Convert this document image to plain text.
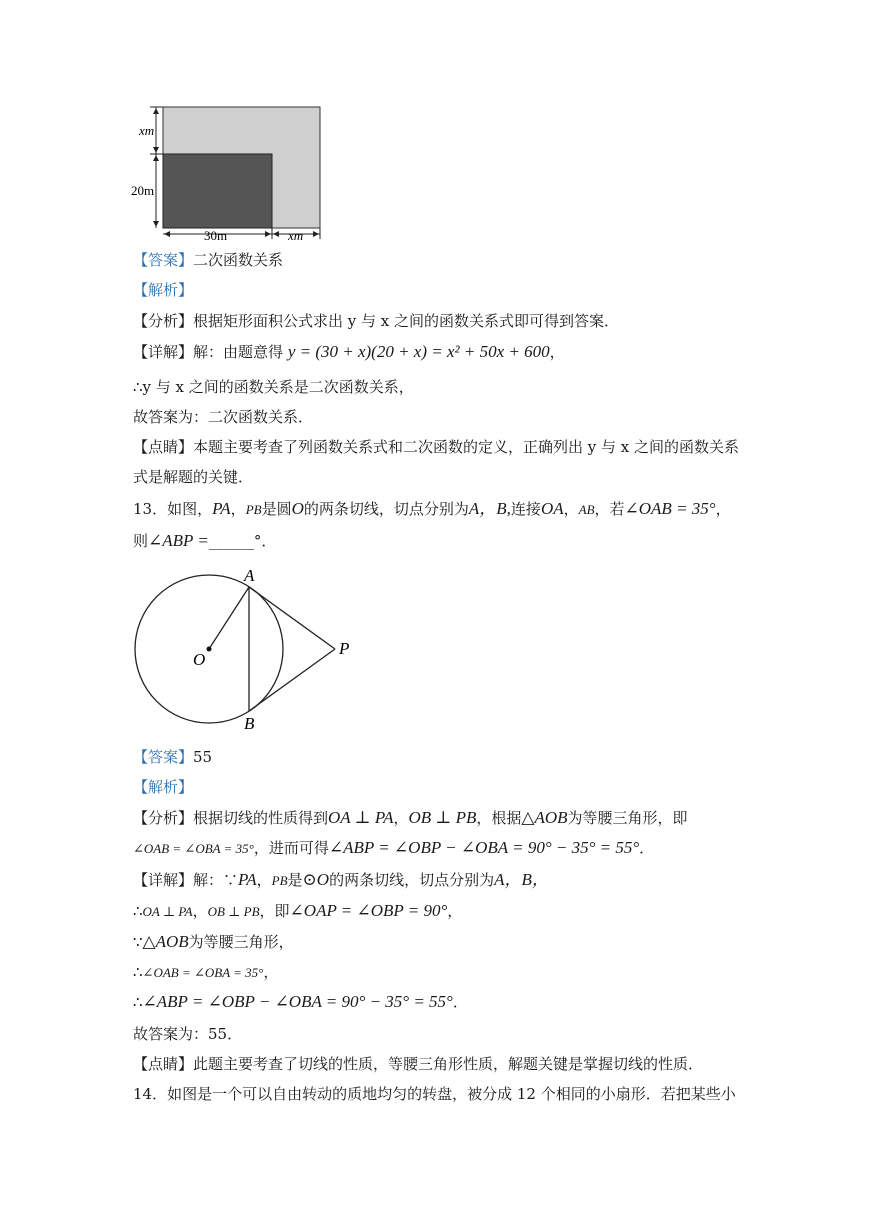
xm
20m
30m	xm
【答案】二次函数关系
【解析】
【分析】根据矩形面积公式求出 y 与 x 之间的函数关系式即可得到答案．
【详解】解：由题意得 y = (30 + x)(20 + x) = x² + 50x + 600，
∴y 与 x 之间的函数关系是二次函数关系，
故答案为：二次函数关系．
【点睛】本题主要考查了列函数关系式和二次函数的定义，正确列出 y 与 x 之间的函数关系
式是解题的关键．
13．如图，PA，PB是圆O的两条切线，切点分别为A，B,连接OA，AB，若∠OAB = 35°，
则∠ABP =______°．
A
B
O
P
【答案】55
【解析】
【分析】根据切线的性质得到OA ⊥ PA，OB ⊥ PB，根据△AOB为等腰三角形，即
∠OAB = ∠OBA = 35°，进而可得∠ABP = ∠OBP − ∠OBA = 90° − 35° = 55°．
【详解】解：∵PA，PB是⊙O的两条切线，切点分别为A，B，
∴OA ⊥ PA，OB ⊥ PB，即∠OAP = ∠OBP = 90°，
∵△AOB为等腰三角形，
∴∠OAB = ∠OBA = 35°，
∴∠ABP = ∠OBP − ∠OBA = 90° − 35° = 55°．
故答案为：55．
【点睛】此题主要考查了切线的性质，等腰三角形性质，解题关键是掌握切线的性质．
14．如图是一个可以自由转动的质地均匀的转盘，被分成 12 个相同的小扇形．若把某些小
